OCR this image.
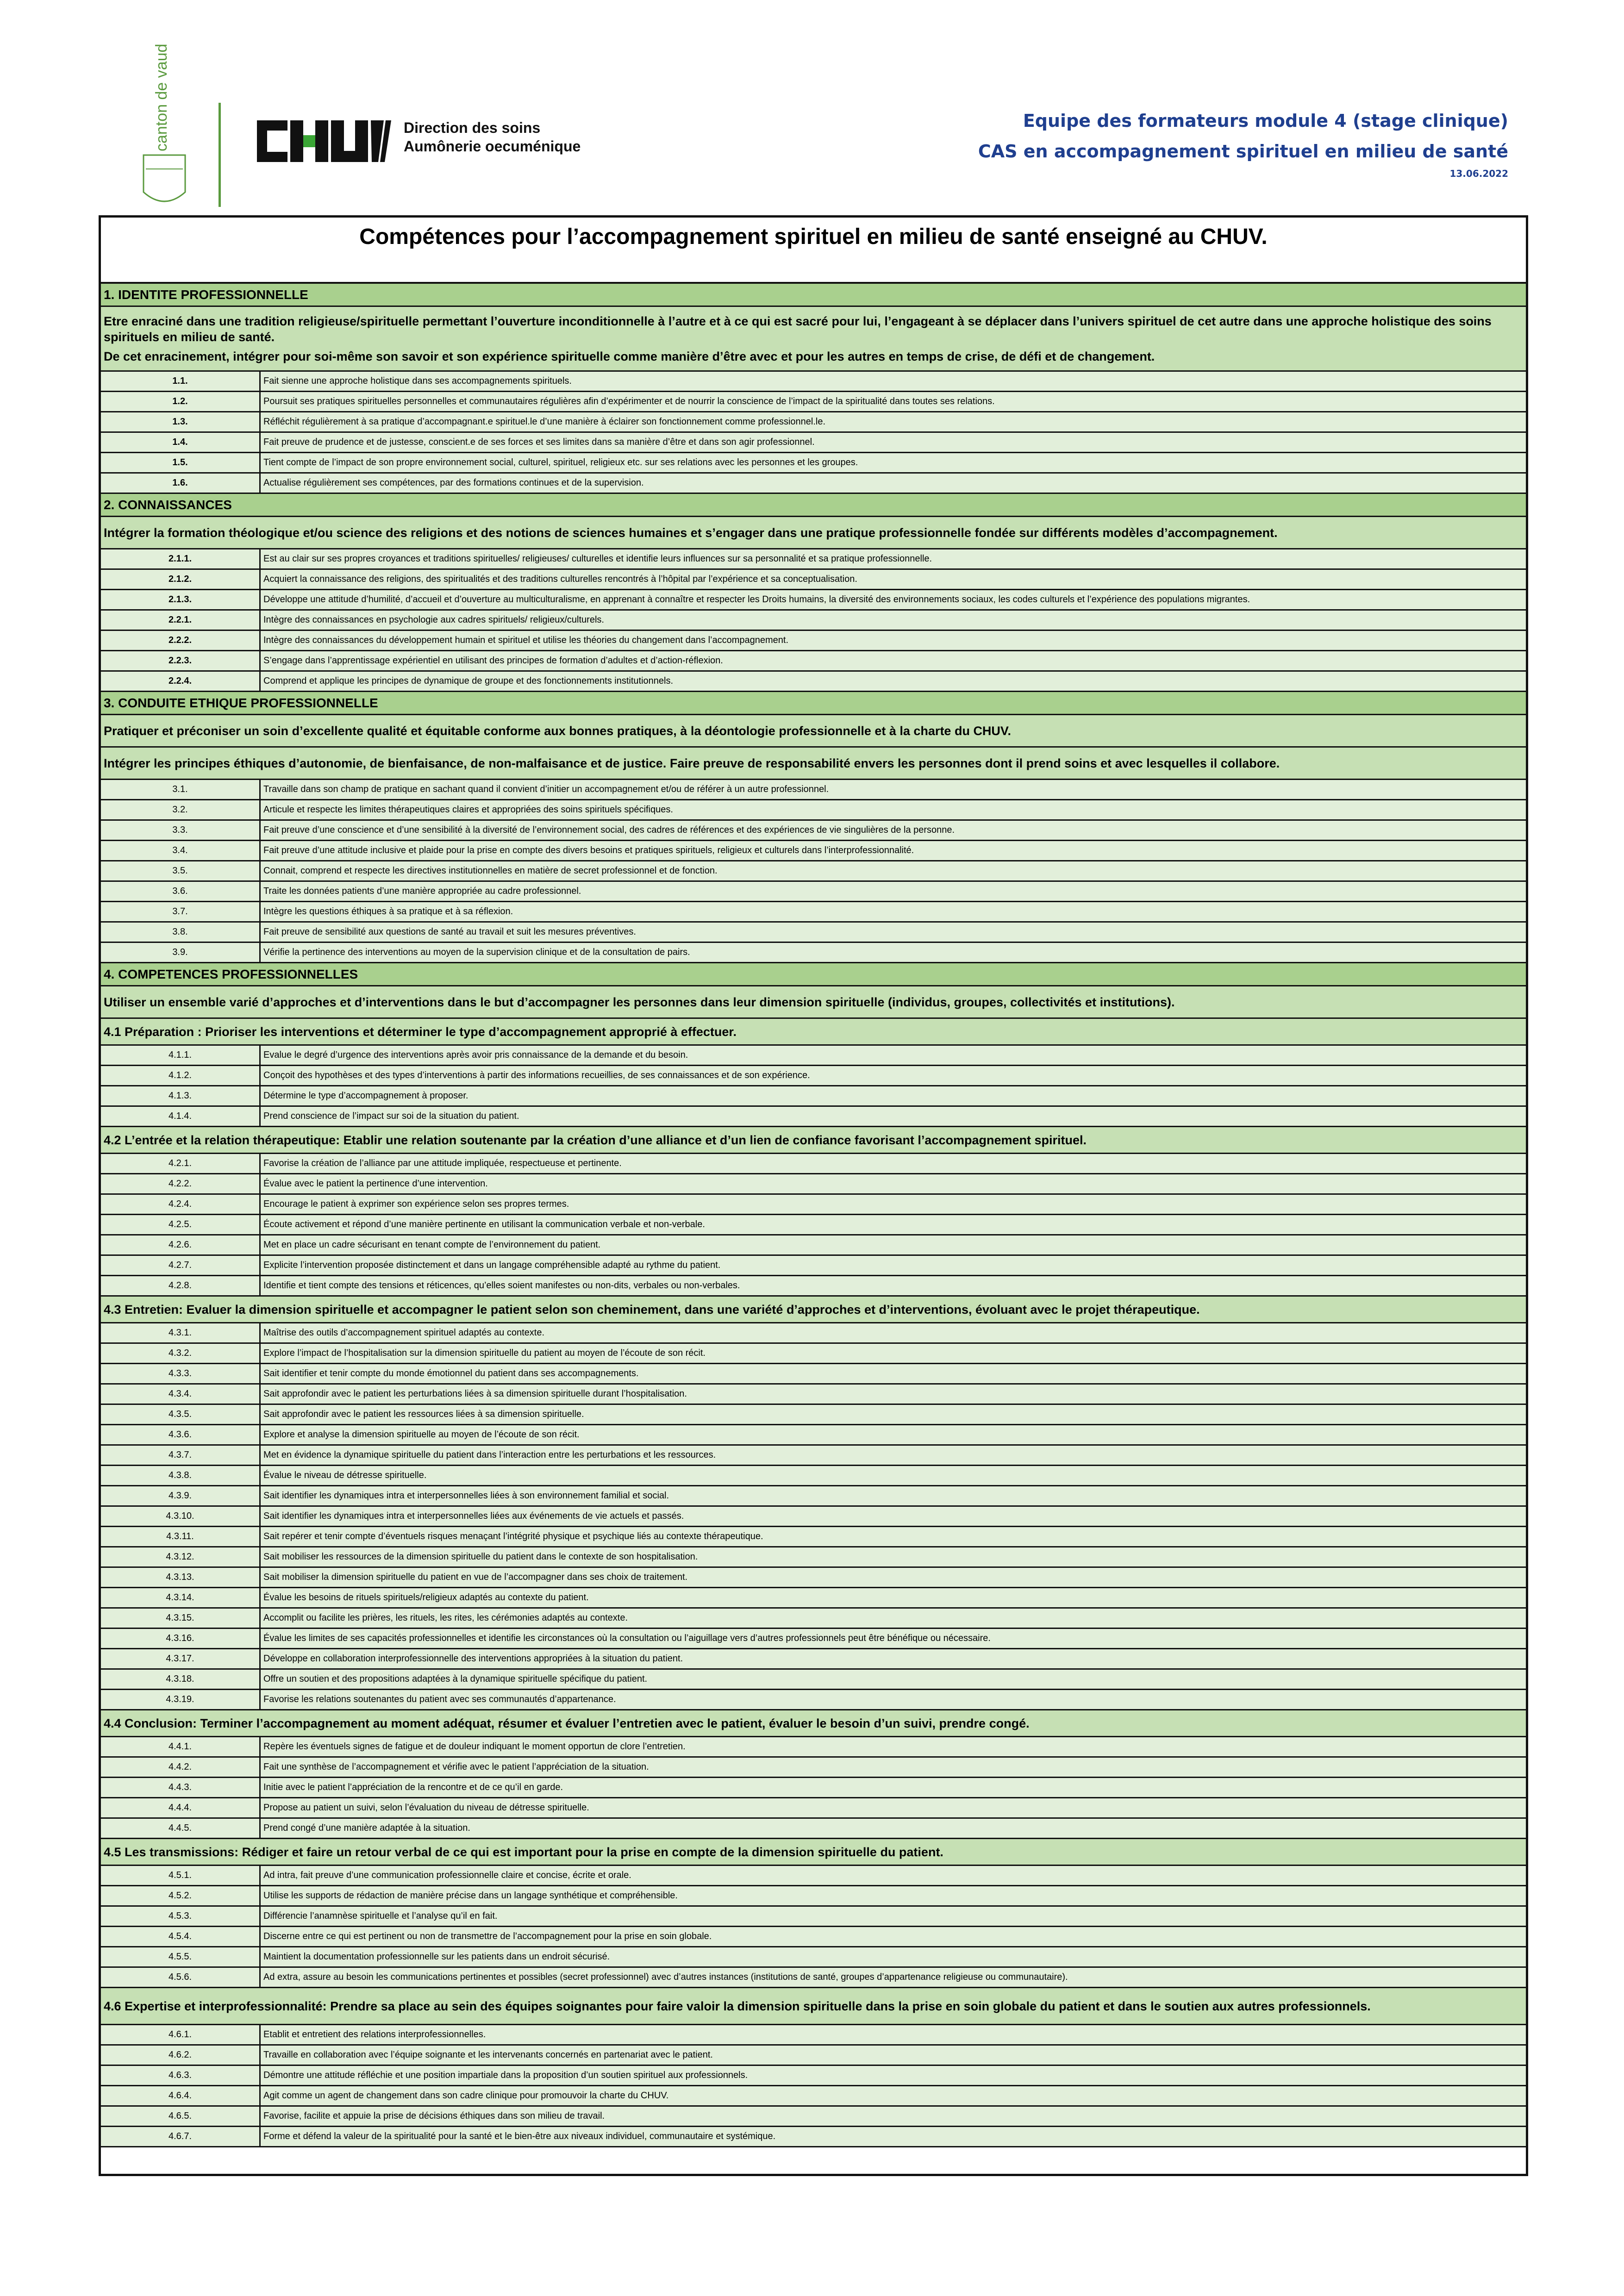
canton de vaud
CHUV
Direction des soins
Aumônerie oecuménique
Equipe des formateurs module 4 (stage clinique)
CAS en accompagnement spirituel en milieu de santé
13.06.2022
Compétences pour l’accompagnement spirituel en milieu de santé enseigné au CHUV.
1. IDENTITE PROFESSIONNELLE
Etre enraciné dans une tradition religieuse/spirituelle permettant l’ouverture inconditionnelle à l’autre et à ce qui est sacré pour lui, l’engageant à se déplacer dans l’univers spirituel de cet autre dans une approche holistique des soins spirituels en milieu de santé.
De cet enracinement, intégrer pour soi-même son savoir et son expérience spirituelle comme manière d’être avec et pour les autres en temps de crise, de défi et de changement.
1.1.	Fait sienne une approche holistique dans ses accompagnements spirituels.
1.2.	Poursuit ses pratiques spirituelles personnelles et communautaires régulières afin d’expérimenter et de nourrir la conscience de l’impact de la spiritualité dans toutes ses relations.
1.3.	Réfléchit régulièrement à sa pratique d’accompagnant.e spirituel.le d’une manière à éclairer son fonctionnement comme professionnel.le.
1.4.	Fait preuve de prudence et de justesse, conscient.e de ses forces et ses limites dans sa manière d’être et dans son agir professionnel.
1.5.	Tient compte de l’impact de son propre environnement social, culturel, spirituel, religieux etc. sur ses relations avec les personnes et les groupes.
1.6.	Actualise régulièrement ses compétences, par des formations continues et de la supervision.
2. CONNAISSANCES
Intégrer la formation théologique et/ou science des religions et des notions de sciences humaines et s’engager dans une pratique professionnelle fondée sur différents modèles d’accompagnement.
2.1.1.	Est au clair sur ses propres croyances et traditions spirituelles/ religieuses/ culturelles et identifie leurs influences sur sa personnalité et sa pratique professionnelle.
2.1.2.	Acquiert la connaissance des religions, des spiritualités et des traditions culturelles rencontrés à l’hôpital par l’expérience et sa conceptualisation.
2.1.3.	Développe une attitude d’humilité, d’accueil et d’ouverture au multiculturalisme, en apprenant à connaître et respecter les Droits humains, la diversité des environnements sociaux, les codes culturels et l’expérience des populations migrantes.
2.2.1.	Intègre des connaissances en psychologie aux cadres spirituels/ religieux/culturels.
2.2.2.	Intègre des connaissances du développement humain et spirituel et utilise les théories du changement dans l’accompagnement.
2.2.3.	S’engage dans l’apprentissage expérientiel en utilisant des principes de formation d’adultes et d’action-réflexion.
2.2.4.	Comprend et applique les principes de dynamique de groupe et des fonctionnements institutionnels.
3. CONDUITE ETHIQUE PROFESSIONNELLE
Pratiquer et préconiser un soin d’excellente qualité et équitable conforme aux bonnes pratiques, à la déontologie professionnelle et à la charte du CHUV.
Intégrer les principes éthiques d’autonomie, de bienfaisance, de non-malfaisance et de justice. Faire preuve de responsabilité envers les personnes dont il prend soins et avec lesquelles il collabore.
3.1.	Travaille dans son champ de pratique en sachant quand il convient d’initier un accompagnement et/ou de référer à un autre professionnel.
3.2.	Articule et respecte les limites thérapeutiques claires et appropriées des soins spirituels spécifiques.
3.3.	Fait preuve d’une conscience et d’une sensibilité à la diversité de l’environnement social, des cadres de références et des expériences de vie singulières de la personne.
3.4.	Fait preuve d’une attitude inclusive et plaide pour la prise en compte des divers besoins et pratiques spirituels, religieux et culturels dans l’interprofessionnalité.
3.5.	Connait, comprend et respecte les directives institutionnelles en matière de secret professionnel et de fonction.
3.6.	Traite les données patients d’une manière appropriée au cadre professionnel.
3.7.	Intègre les questions éthiques à sa pratique et à sa réflexion.
3.8.	Fait preuve de sensibilité aux questions de santé au travail et suit les mesures préventives.
3.9.	Vérifie la pertinence des interventions au moyen de la supervision clinique et de la consultation de pairs.
4. COMPETENCES PROFESSIONNELLES
Utiliser un ensemble varié d’approches et d’interventions dans le but d’accompagner les personnes dans leur dimension spirituelle (individus, groupes, collectivités et institutions).
4.1 Préparation : Prioriser les interventions et déterminer le type d’accompagnement approprié à effectuer.
4.1.1.	Evalue le degré d’urgence des interventions après avoir pris connaissance de la demande et du besoin.
4.1.2.	Conçoit des hypothèses et des types d’interventions à partir des informations recueillies, de ses connaissances et de son expérience.
4.1.3.	Détermine le type d’accompagnement à proposer.
4.1.4.	Prend conscience de l’impact sur soi de la situation du patient.
4.2 L’entrée et la relation thérapeutique: Etablir une relation soutenante par la création d’une alliance et d’un lien de confiance favorisant l’accompagnement spirituel.
4.2.1.	Favorise la création de l’alliance par une attitude impliquée, respectueuse et pertinente.
4.2.2.	Évalue avec le patient la pertinence d’une intervention.
4.2.4.	Encourage le patient à exprimer son expérience selon ses propres termes.
4.2.5.	Écoute activement et répond d’une manière pertinente en utilisant la communication verbale et non-verbale.
4.2.6.	Met en place un cadre sécurisant en tenant compte de l’environnement du patient.
4.2.7.	Explicite l’intervention proposée distinctement et dans un langage compréhensible adapté au rythme du patient.
4.2.8.	Identifie et tient compte des tensions et réticences, qu’elles soient manifestes ou non-dits, verbales ou non-verbales.
4.3 Entretien: Evaluer la dimension spirituelle et accompagner le patient selon son cheminement, dans une variété d’approches et d’interventions, évoluant avec le projet thérapeutique.
4.3.1.	Maîtrise des outils d’accompagnement spirituel adaptés au contexte.
4.3.2.	Explore l’impact de l’hospitalisation sur la dimension spirituelle du patient au moyen de l’écoute de son récit.
4.3.3.	Sait identifier et tenir compte du monde émotionnel du patient dans ses accompagnements.
4.3.4.	Sait approfondir avec le patient les perturbations liées à sa dimension spirituelle durant l’hospitalisation.
4.3.5.	Sait approfondir avec le patient les ressources liées à sa dimension spirituelle.
4.3.6.	Explore et analyse la dimension spirituelle au moyen de l’écoute de son récit.
4.3.7.	Met en évidence la dynamique spirituelle du patient dans l’interaction entre les perturbations et les ressources.
4.3.8.	Évalue le niveau de détresse spirituelle.
4.3.9.	Sait identifier les dynamiques intra et interpersonnelles liées à son environnement familial et social.
4.3.10.	Sait identifier les dynamiques intra et interpersonnelles liées aux événements de vie actuels et passés.
4.3.11.	Sait repérer et tenir compte d’éventuels risques menaçant l’intégrité physique et psychique liés au contexte thérapeutique.
4.3.12.	Sait mobiliser les ressources de la dimension spirituelle du patient dans le contexte de son hospitalisation.
4.3.13.	Sait mobiliser la dimension spirituelle du patient en vue de l’accompagner dans ses choix de traitement.
4.3.14.	Évalue les besoins de rituels spirituels/religieux adaptés au contexte du patient.
4.3.15.	Accomplit ou facilite les prières, les rituels, les rites, les cérémonies adaptés au contexte.
4.3.16.	Évalue les limites de ses capacités professionnelles et identifie les circonstances où la consultation ou l’aiguillage vers d’autres professionnels peut être bénéfique ou nécessaire.
4.3.17.	Développe en collaboration interprofessionnelle des interventions appropriées à la situation du patient.
4.3.18.	Offre un soutien et des propositions adaptées à la dynamique spirituelle spécifique du patient.
4.3.19.	Favorise les relations soutenantes du patient avec ses communautés d’appartenance.
4.4 Conclusion: Terminer l’accompagnement au moment adéquat, résumer et évaluer l’entretien avec le patient, évaluer le besoin d’un suivi, prendre congé.
4.4.1.	Repère les éventuels signes de fatigue et de douleur indiquant le moment opportun de clore l’entretien.
4.4.2.	Fait une synthèse de l’accompagnement et vérifie avec le patient l’appréciation de la situation.
4.4.3.	Initie avec le patient l’appréciation de la rencontre et de ce qu’il en garde.
4.4.4.	Propose au patient un suivi, selon l’évaluation du niveau de détresse spirituelle.
4.4.5.	Prend congé d’une manière adaptée à la situation.
4.5 Les transmissions: Rédiger et faire un retour verbal de ce qui est important pour la prise en compte de la dimension spirituelle du patient.
4.5.1.	Ad intra, fait preuve d’une communication professionnelle claire et concise, écrite et orale.
4.5.2.	Utilise les supports de rédaction de manière précise dans un langage synthétique et compréhensible.
4.5.3.	Différencie l’anamnèse spirituelle et l’analyse qu’il en fait.
4.5.4.	Discerne entre ce qui est pertinent ou non de transmettre de l’accompagnement pour la prise en soin globale.
4.5.5.	Maintient la documentation professionnelle sur les patients dans un endroit sécurisé.
4.5.6.	Ad extra, assure au besoin les communications pertinentes et possibles (secret professionnel) avec d’autres instances (institutions de santé, groupes d’appartenance religieuse ou communautaire).
4.6 Expertise et interprofessionnalité: Prendre sa place au sein des équipes soignantes pour faire valoir la dimension spirituelle dans la prise en soin globale du patient et dans le soutien aux autres professionnels.
4.6.1.	Etablit et entretient des relations interprofessionnelles.
4.6.2.	Travaille en collaboration avec l’équipe soignante et les intervenants concernés en partenariat avec le patient.
4.6.3.	Démontre une attitude réfléchie et une position impartiale dans la proposition d’un soutien spirituel aux professionnels.
4.6.4.	Agit comme un agent de changement dans son cadre clinique pour promouvoir la charte du CHUV.
4.6.5.	Favorise, facilite et appuie la prise de décisions éthiques dans son milieu de travail.
4.6.7.	Forme et défend la valeur de la spiritualité pour la santé et le bien-être aux niveaux individuel, communautaire et systémique.
